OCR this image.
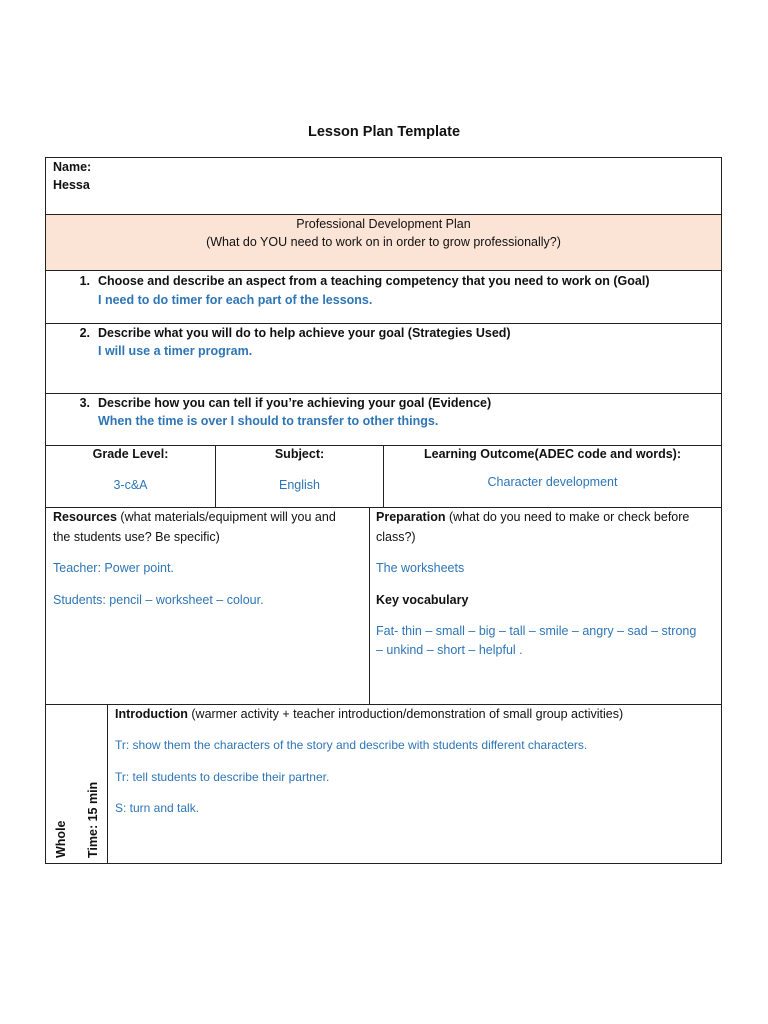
Lesson Plan Template
Name:
Hessa
Professional Development Plan
(What do YOU need to work on in order to grow professionally?)
1. Choose and describe an aspect from a teaching competency that you need to work on (Goal)
I need to do timer for each part of the lessons.
2. Describe what you will do to help achieve your goal (Strategies Used)
I will use a timer program.
3. Describe how you can tell if you’re achieving your goal (Evidence)
When the time is over I should to transfer to other things.
Grade Level:
3-c&A
Subject:
English
Learning Outcome(ADEC code and words):
Character development
Resources (what materials/equipment will you and
the students use? Be specific)
Teacher: Power point.
Students: pencil – worksheet – colour.
Preparation (what do you need to make or check before
class?)
The worksheets
Key vocabulary
Fat- thin – small – big – tall – smile – angry – sad – strong
– unkind – short – helpful .
Whole Time: 15 min
Introduction (warmer activity + teacher introduction/demonstration of small group activities)
Tr: show them the characters of the story and describe with students different characters.
Tr: tell students to describe their partner.
S: turn and talk.
